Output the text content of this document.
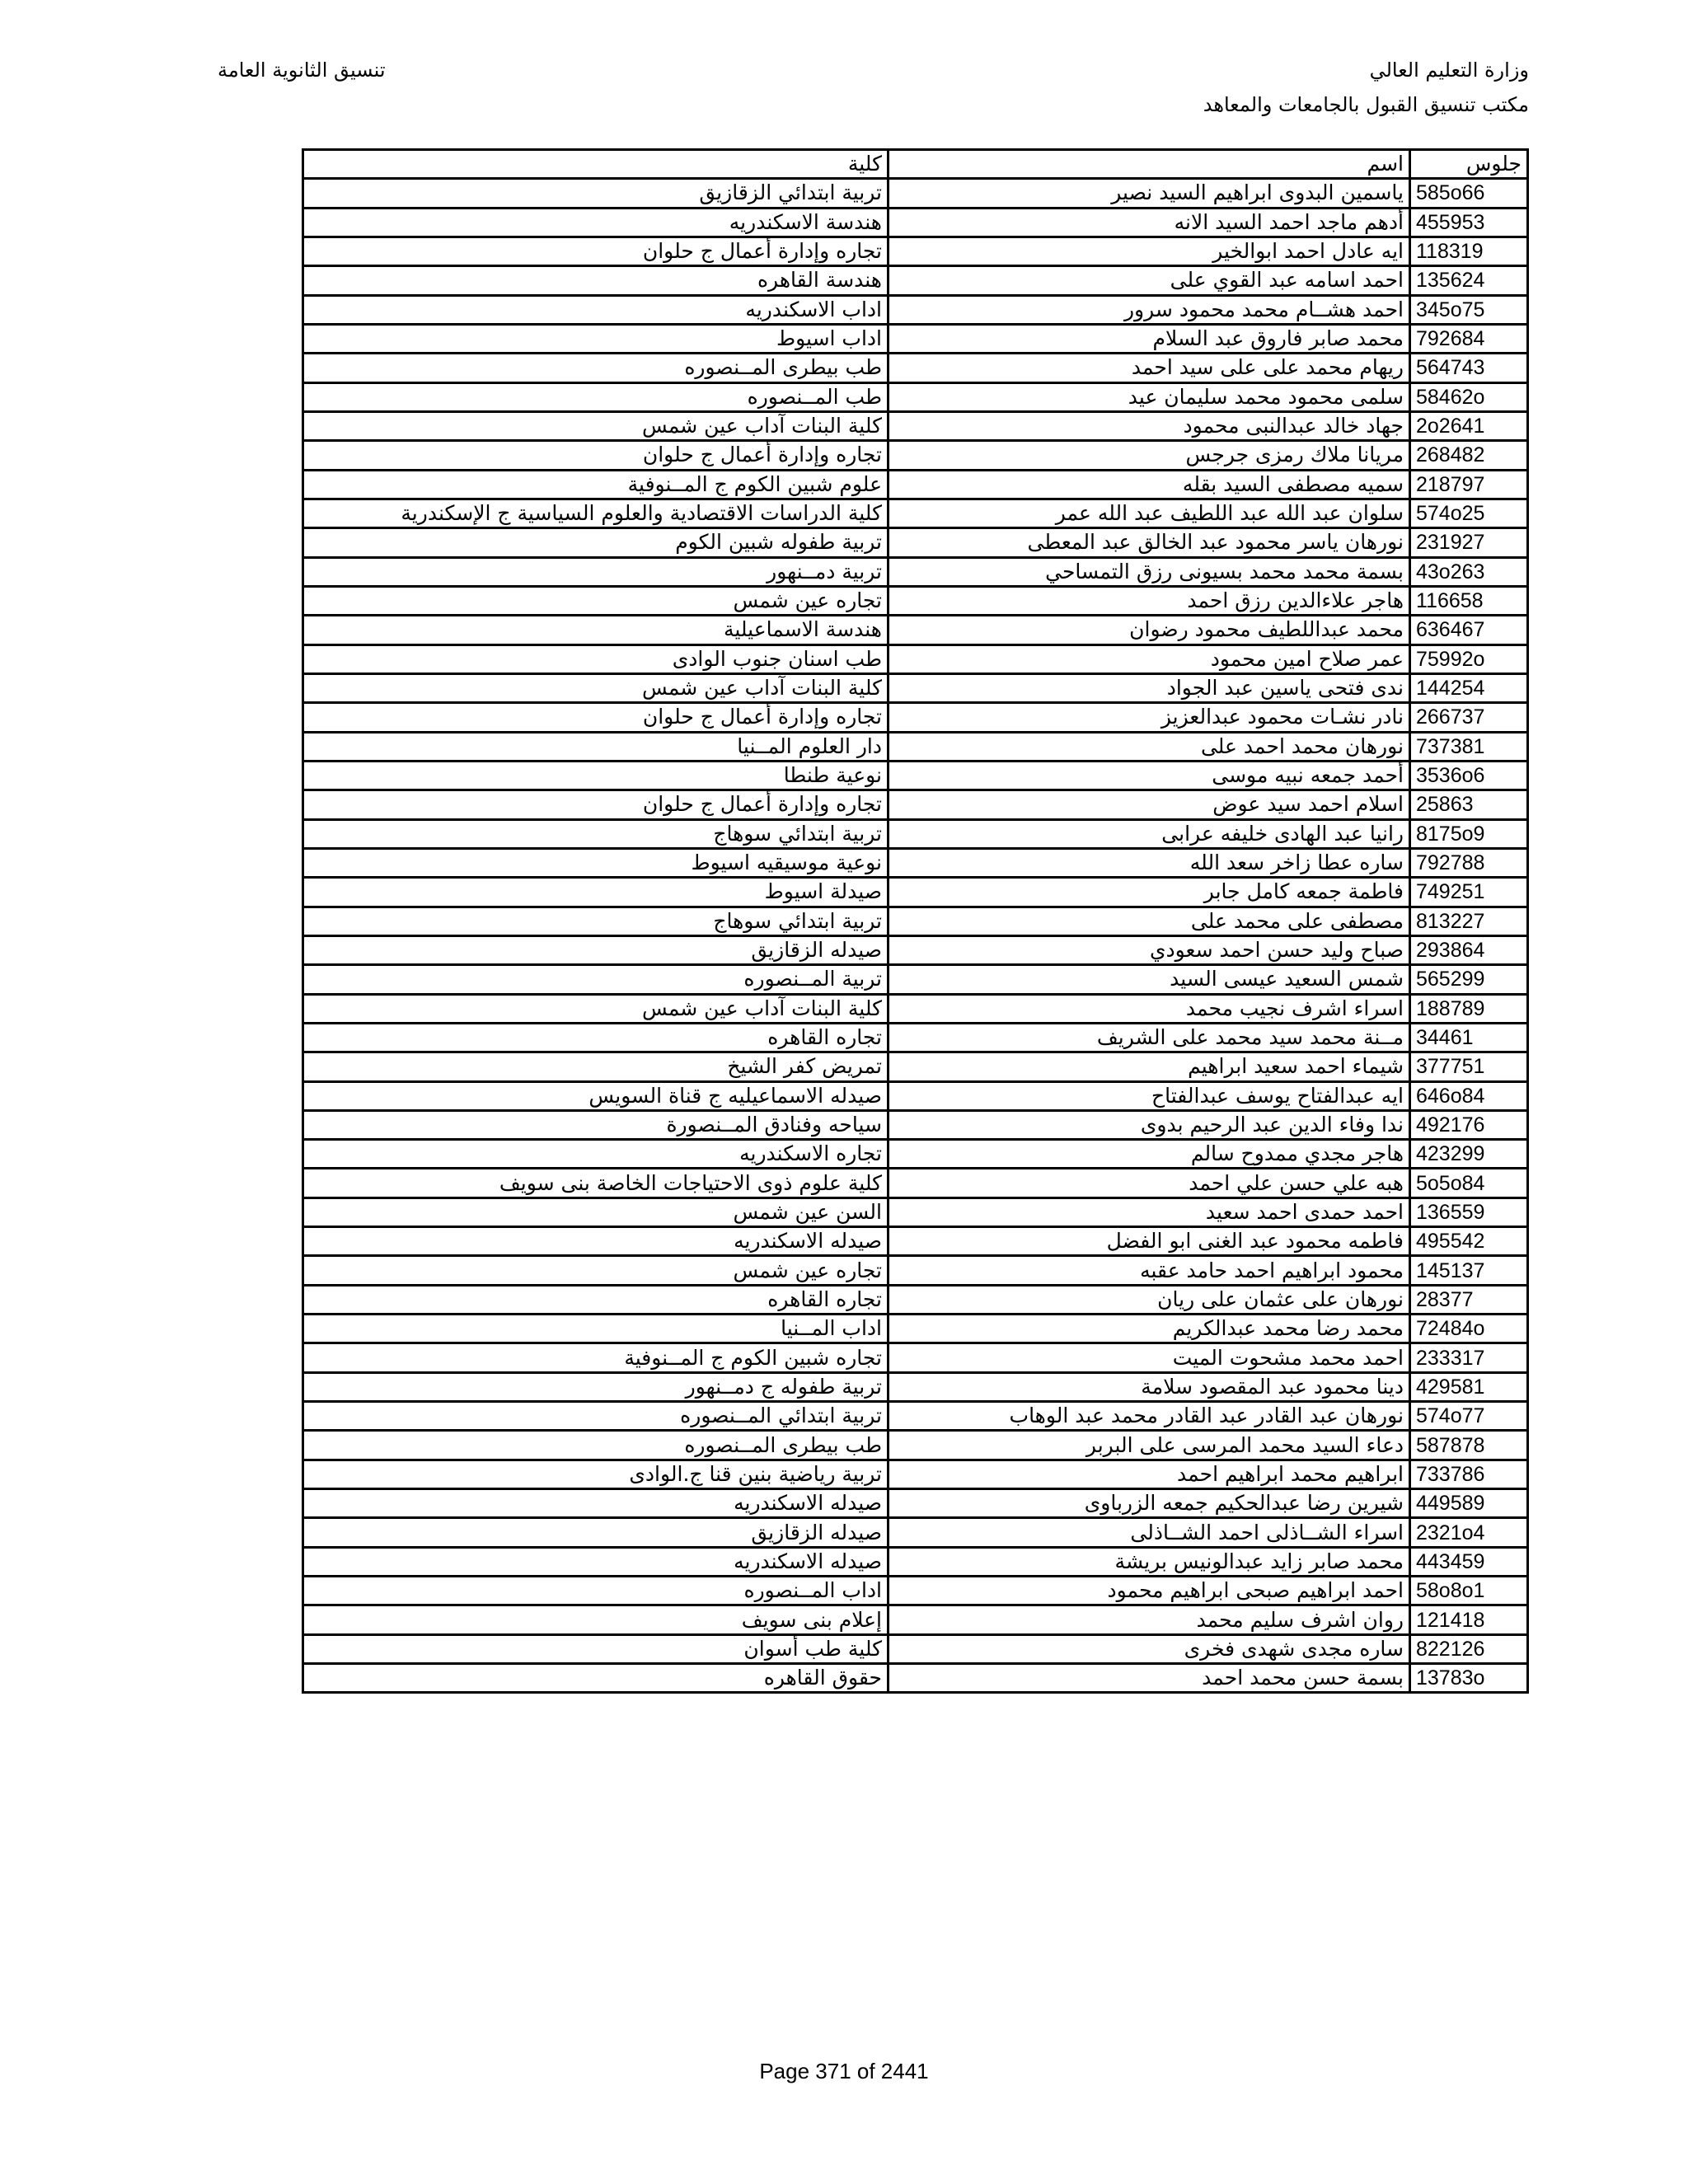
وزارة التعليم العالي
مكتب تنسيق القبول بالجامعات والمعاهد
تنسيق الثانوية العامة
كلية	اسم	جلوس
تربية ابتدائي الزقازيق	ياسمين البدوى ابراهيم السيد نصير	585o66
هندسة الاسكندريه	أدهم ماجد احمد السيد الانه	455953
تجاره وإدارة أعمال ج حلوان	ايه عادل احمد ابوالخير	118319
هندسة القاهره	احمد اسامه عبد القوي على	135624
اداب الاسكندريه	احمد هشــام محمد محمود سرور	345o75
اداب اسيوط	محمد صابر فاروق عبد السلام	792684
طب بيطرى المــنصوره	ريهام محمد على على سيد احمد	564743
طب المــنصوره	سلمى محمود محمد سليمان عيد	58462o
كلية البنات آداب عين شمس	جهاد خالد عبدالنبى محمود	2o2641
تجاره وإدارة أعمال ج حلوان	مريانا ملاك رمزى جرجس	268482
علوم شبين الكوم ج المــنوفية	سميه مصطفى السيد بقله	218797
كلية الدراسات الاقتصادية والعلوم السياسية ج الإسكندرية	سلوان عبد الله عبد اللطيف عبد الله عمر	574o25
تربية طفوله شبين الكوم	نورهان ياسر محمود عبد الخالق عبد المعطى	231927
تربية دمــنهور	بسمة محمد محمد بسيونى رزق التمساحي	43o263
تجاره عين شمس	هاجر علاءالدين رزق احمد	116658
هندسة الاسماعيلية	محمد عبداللطيف محمود رضوان	636467
طب اسنان جنوب الوادى	عمر صلاح امين محمود	75992o
كلية البنات آداب عين شمس	ندى فتحى ياسين عبد الجواد	144254
تجاره وإدارة أعمال ج حلوان	نادر نشـات محمود عبدالعزيز	266737
دار العلوم المــنيا	نورهان محمد احمد على	737381
نوعية طنطا	أحمد جمعه نبيه موسى	3536o6
تجاره وإدارة أعمال ج حلوان	اسلام احمد سيد عوض	25863
تربية ابتدائي سوهاج	رانيا عبد الهادى خليفه عرابى	8175o9
نوعية موسيقيه اسيوط	ساره عطا زاخر سعد الله	792788
صيدلة اسيوط	فاطمة جمعه كامل جابر	749251
تربية ابتدائي سوهاج	مصطفى على محمد على	813227
صيدله الزقازيق	صباح وليد حسن احمد سعودي	293864
تربية المــنصوره	شمس السعيد عيسى السيد	565299
كلية البنات آداب عين شمس	اسراء اشرف نجيب محمد	188789
تجاره القاهره	مــنة محمد سيد محمد على الشريف	34461
تمريض كفر الشيخ	شيماء احمد سعيد ابراهيم	377751
صيدله الاسماعيليه ج قناة السويس	ايه عبدالفتاح يوسف عبدالفتاح	646o84
سياحه وفنادق المــنصورة	ندا وفاء الدين عبد الرحيم بدوى	492176
تجاره الاسكندريه	هاجر مجدي ممدوح سالم	423299
كلية علوم ذوى الاحتياجات الخاصة بنى سويف	هبه علي حسن علي احمد	5o5o84
السن عين شمس	احمد حمدى احمد سعيد	136559
صيدله الاسكندريه	فاطمه محمود عبد الغنى ابو الفضل	495542
تجاره عين شمس	محمود ابراهيم احمد حامد عقبه	145137
تجاره القاهره	نورهان على عثمان على ريان	28377
اداب المــنيا	محمد رضا محمد عبدالكريم	72484o
تجاره شبين الكوم ج المــنوفية	احمد محمد مشحوت الميت	233317
تربية طفوله ج دمــنهور	دينا محمود عبد المقصود سلامة	429581
تربية ابتدائي المــنصوره	نورهان عبد القادر عبد القادر محمد عبد الوهاب	574o77
طب بيطرى المــنصوره	دعاء السيد محمد المرسى على البربر	587878
تربية رياضية بنين قنا ج.الوادى	ابراهيم محمد ابراهيم احمد	733786
صيدله الاسكندريه	شيرين رضا عبدالحكيم جمعه الزرباوى	449589
صيدله الزقازيق	اسراء الشــاذلى احمد الشــاذلى	2321o4
صيدله الاسكندريه	محمد صابر زايد عبدالونيس بريشة	443459
اداب المــنصوره	احمد ابراهيم صبحى ابراهيم محمود	58o8o1
إعلام بنى سويف	روان اشرف سليم محمد	121418
كلية طب أسوان	ساره مجدى شهدى فخرى	822126
حقوق القاهره	بسمة حسن محمد احمد	13783o
Page 371 of 2441
